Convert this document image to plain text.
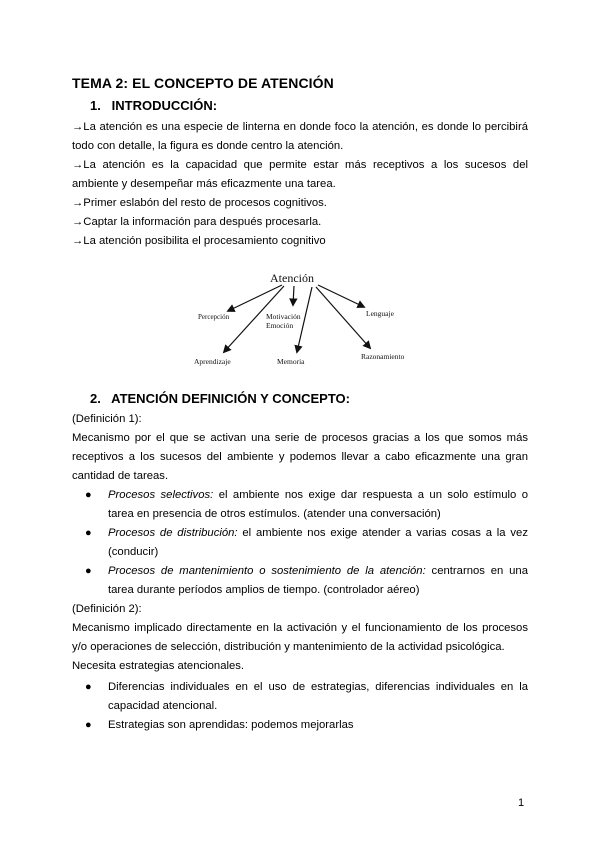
TEMA 2: EL CONCEPTO DE ATENCIÓN
1. INTRODUCCIÓN:

→La atención es una especie de linterna en donde foco la atención, es donde lo percibirá todo con detalle, la figura es donde centro la atención.

→La atención es la capacidad que permite estar más receptivos a los sucesos del ambiente y desempeñar más eficazmente una tarea.

→Primer eslabón del resto de procesos cognitivos.

→Captar la información para después procesarla.

→La atención posibilita el procesamiento cognitivo

Atención
Percepción	Motivación
Emoción
Lenguaje
Aprendizaje	Memoria
Razonamiento
2. ATENCIÓN DEFINICIÓN Y CONCEPTO:

(Definición 1):

Mecanismo por el que se activan una serie de procesos gracias a los que somos más receptivos a los sucesos del ambiente y podemos llevar a cabo eficazmente una gran cantidad de tareas.

● Procesos selectivos: el ambiente nos exige dar respuesta a un solo estímulo o tarea en presencia de otros estímulos. (atender una conversación)
● Procesos de distribución: el ambiente nos exige atender a varias cosas a la vez (conducir)
● Procesos de mantenimiento o sostenimiento de la atención: centrarnos en una tarea durante períodos amplios de tiempo. (controlador aéreo)

(Definición 2):

Mecanismo implicado directamente en la activación y el funcionamiento de los procesos y/o operaciones de selección, distribución y mantenimiento de la actividad psicológica.

Necesita estrategias atencionales.

● Diferencias individuales en el uso de estrategias, diferencias individuales en la capacidad atencional.
● Estrategias son aprendidas: podemos mejorarlas

1
